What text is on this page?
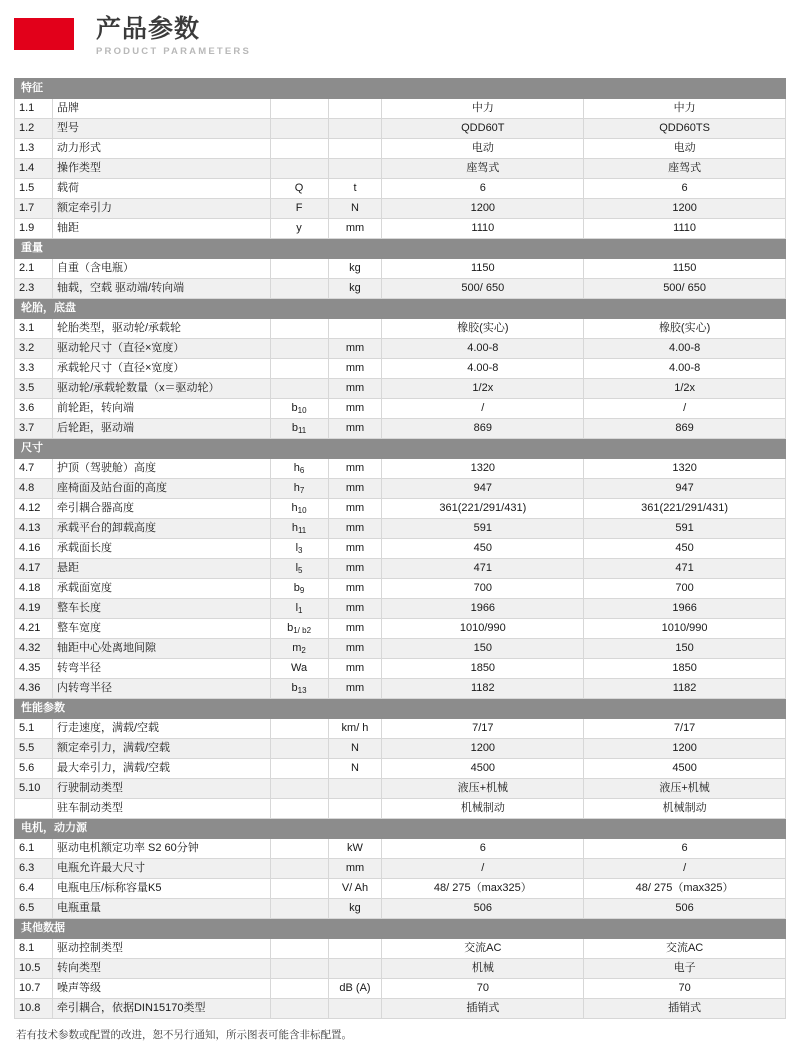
产品参数
PRODUCT PARAMETERS
特征					
1.1	品牌			中力	中力
1.2	型号			QDD60T	QDD60TS
1.3	动力形式			电动	电动
1.4	操作类型			座驾式	座驾式
1.5	载荷	Q	t	6	6
1.7	额定牵引力	F	N	1200	1200
1.9	轴距	y	mm	1110	1110
重量					
2.1	自重（含电瓶）		kg	1150	1150
2.3	轴载，空载 驱动端/转向端		kg	500/ 650	500/ 650
轮胎，底盘					
3.1	轮胎类型，驱动轮/承载轮			橡胶(实心)	橡胶(实心)
3.2	驱动轮尺寸（直径×宽度）		mm	4.00-8	4.00-8
3.3	承载轮尺寸（直径×宽度）		mm	4.00-8	4.00-8
3.5	驱动轮/承载轮数量（x＝驱动轮）		mm	1/2x	1/2x
3.6	前轮距，转向端	$b_{10}$	mm	/	/
3.7	后轮距，驱动端	$b_{11}$	mm	869	869
尺寸					
4.7	护顶（驾驶舱）高度	$h_6$	mm	1320	1320
4.8	座椅面及站台面的高度	$h_7$	mm	947	947
4.12	牵引耦合器高度	$h_{10}$	mm	361(221/291/431)	361(221/291/431)
4.13	承载平台的卸载高度	$h_{11}$	mm	591	591
4.16	承载面长度	$l_3$	mm	450	450
4.17	悬距	$l_5$	mm	471	471
4.18	承载面宽度	$b_9$	mm	700	700
4.19	整车长度	$l_1$	mm	1966	1966
4.21	整车宽度	$b_{1/ b2}$	mm	1010/990	1010/990
4.32	轴距中心处离地间隙	$m_2$	mm	150	150
4.35	转弯半径	Wa	mm	1850	1850
4.36	内转弯半径	$b_{13}$	mm	1182	1182
性能参数					
5.1	行走速度，满载/空载		km/ h	7/17	7/17
5.5	额定牵引力，满载/空载		N	1200	1200
5.6	最大牵引力，满载/空载		N	4500	4500
5.10	行驶制动类型			液压+机械	液压+机械
	驻车制动类型			机械制动	机械制动
电机，动力源					
6.1	驱动电机额定功率 S2 60分钟		kW	6	6
6.3	电瓶允许最大尺寸		mm	/	/
6.4	电瓶电压/标称容量K5		V/ Ah	48/ 275（max325）	48/ 275（max325）
6.5	电瓶重量		kg	506	506
其他数据					
8.1	驱动控制类型			交流AC	交流AC
10.5	转向类型			机械	电子
10.7	噪声等级		dB (A)	70	70
10.8	牵引耦合，依据DIN15170类型			插销式	插销式
若有技术参数或配置的改进，恕不另行通知，所示图表可能含非标配置。
